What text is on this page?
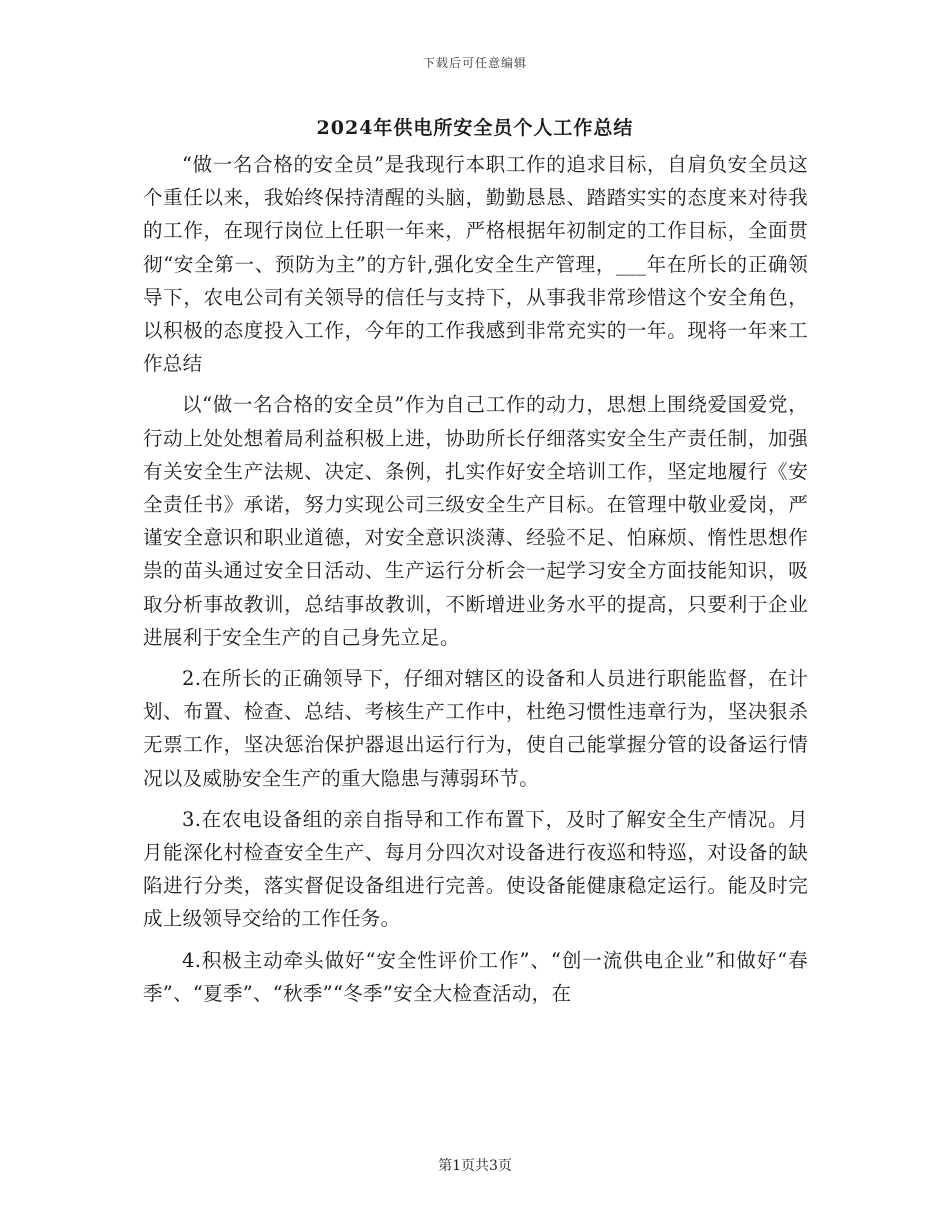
下载后可任意编辑
2024年供电所安全员个人工作总结

“做一名合格的安全员”是我现行本职工作的追求目标，自肩负安全员这个重任以来，我始终保持清醒的头脑，勤勤恳恳、踏踏实实的态度来对待我的工作，在现行岗位上任职一年来，严格根据年初制定的工作目标，全面贯彻“安全第一、预防为主”的方针,强化安全生产管理，___年在所长的正确领导下，农电公司有关领导的信任与支持下，从事我非常珍惜这个安全角色，以积极的态度投入工作，今年的工作我感到非常充实的一年。现将一年来工作总结

以“做一名合格的安全员”作为自己工作的动力，思想上围绕爱国爱党，行动上处处想着局利益积极上进，协助所长仔细落实安全生产责任制，加强有关安全生产法规、决定、条例，扎实作好安全培训工作，坚定地履行《安全责任书》承诺，努力实现公司三级安全生产目标。在管理中敬业爱岗，严谨安全意识和职业道德，对安全意识淡薄、经验不足、怕麻烦、惰性思想作祟的苗头通过安全日活动、生产运行分析会一起学习安全方面技能知识，吸取分析事故教训，总结事故教训，不断增进业务水平的提高，只要利于企业进展利于安全生产的自己身先立足。

2.在所长的正确领导下，仔细对辖区的设备和人员进行职能监督，在计划、布置、检查、总结、考核生产工作中，杜绝习惯性违章行为，坚决狠杀无票工作，坚决惩治保护器退出运行行为，使自己能掌握分管的设备运行情况以及威胁安全生产的重大隐患与薄弱环节。

3.在农电设备组的亲自指导和工作布置下，及时了解安全生产情况。月月能深化村检查安全生产、每月分四次对设备进行夜巡和特巡，对设备的缺陷进行分类，落实督促设备组进行完善。使设备能健康稳定运行。能及时完成上级领导交给的工作任务。

4.积极主动牵头做好“安全性评价工作”、“创一流供电企业”和做好“春季”、“夏季”、“秋季”“冬季”安全大检查活动，在

第1页共3页
